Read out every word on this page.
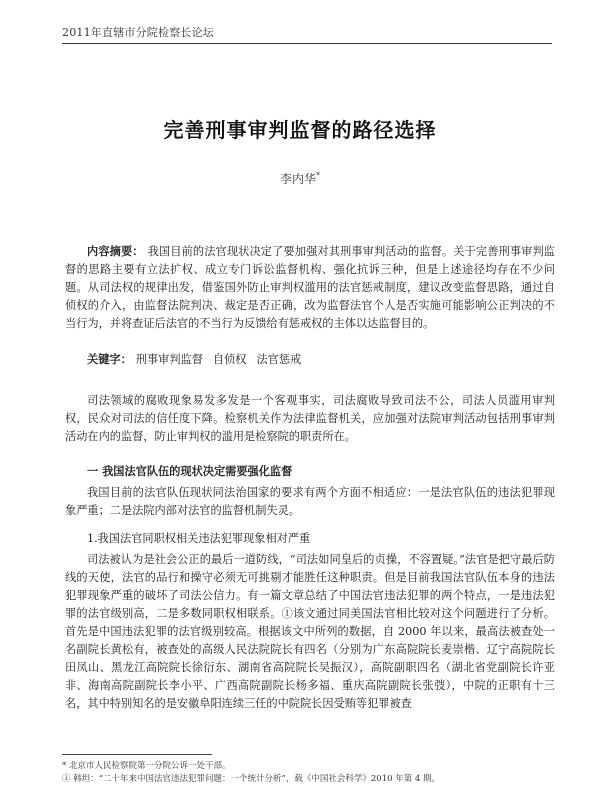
2011年直辖市分院检察长论坛
完善刑事审判监督的路径选择
李内华*

内容摘要： 我国目前的法官现状决定了要加强对其刑事审判活动的监督。关于完善刑事审判监督的思路主要有立法扩权、成立专门诉讼监督机构、强化抗诉三种，但是上述途径均存在不少问题。从司法权的规律出发，借鉴国外防止审判权滥用的法官惩戒制度，建议改变监督思路，通过自侦权的介入，由监督法院判决、裁定是否正确，改为监督法官个人是否实施可能影响公正判决的不当行为，并将查证后法官的不当行为反馈给有惩戒权的主体以达监督目的。

关键字： 刑事审判监督 自侦权 法官惩戒

司法领域的腐败现象易发多发是一个客观事实，司法腐败导致司法不公，司法人员滥用审判权，民众对司法的信任度下降。检察机关作为法律监督机关，应加强对法院审判活动包括刑事审判活动在内的监督，防止审判权的滥用是检察院的职责所在。

一 我国法官队伍的现状决定需要强化监督

我国目前的法官队伍现状同法治国家的要求有两个方面不相适应：一是法官队伍的违法犯罪现象严重；二是法院内部对法官的监督机制失灵。

1.我国法官同职权相关违法犯罪现象相对严重

司法被认为是社会公正的最后一道防线，“司法如同皇后的贞操，不容置疑。”法官是把守最后防线的天使，法官的品行和操守必须无可挑剔才能胜任这种职责。但是目前我国法官队伍本身的违法犯罪现象严重的破坏了司法公信力。有一篇文章总结了中国法官违法犯罪的两个特点，一是违法犯罪的法官级别高，二是多数同职权相联系。①该文通过同美国法官相比较对这个问题进行了分析。首先是中国违法犯罪的法官级别较高。根据该文中所列的数据，自 2000 年以来，最高法被查处一名副院长黄松有，被查处的高级人民法院院长有四名（分别为广东高院院长麦崇楷、辽宁高院院长田凤山、黑龙江高院院长徐衍东、湖南省高院院长吴振汉），高院副职四名（湖北省党副院长许亚非、海南高院副院长李小平、广西高院副院长杨多福、重庆高院副院长张弢），中院的正职有十三名，其中特别知名的是安徽阜阳连续三任的中院院长因受贿等犯罪被查

* 北京市人民检察院第一分院公诉一处干部。

① 韩坦：“二十年来中国法官违法犯罪问题：一个统计分析”，载《中国社会科学》2010 年第 4 期。
